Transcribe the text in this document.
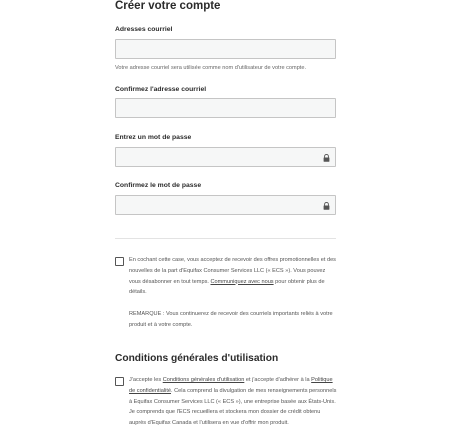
Créer votre compte
Adresses courriel
Votre adresse courriel sera utilisée comme nom d'utilisateur de votre compte.
Confirmez l'adresse courriel
Entrez un mot de passe
Confirmez le mot de passe
En cochant cette case, vous acceptez de recevoir des offres promotionnelles et des nouvelles de la part d'Equifax Consumer Services LLC (« ECS »). Vous pouvez vous désabonner en tout temps. Communiquez avec nous pour obtenir plus de détails.
REMARQUE : Vous continuerez de recevoir des courriels importants reliés à votre produit et à votre compte.
Conditions générales d'utilisation
J'accepte les Conditions générales d'utilisation et j'accepte d'adhérer à la Politique de confidentialité. Cela comprend la divulgation de mes renseignements personnels à Equifax Consumer Services LLC (« ECS »), une entreprise basée aux États-Unis. Je comprends que l'ECS recueillera et stockera mon dossier de crédit obtenu auprès d'Equifax Canada et l'utilisera en vue d'offrir mon produit.
